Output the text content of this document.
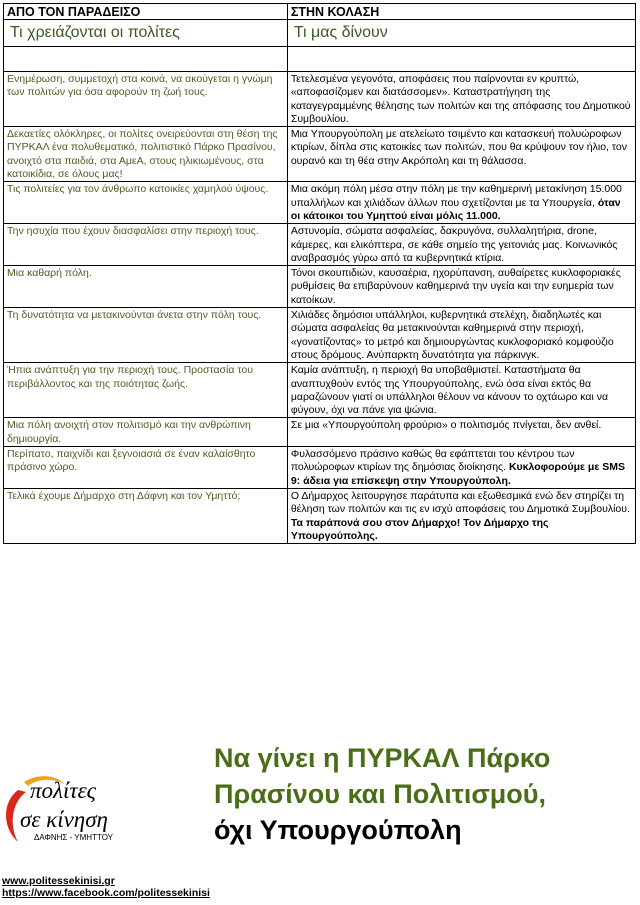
ΑΠΟ ΤΟΝ ΠΑΡΑΔΕΙΣΟ	ΣΤΗΝ ΚΟΛΑΣΗ
Τι χρειάζονται οι πολίτες	Τι μας δίνουν

Ενημέρωση, συμμετοχή στα κοινά, να ακούγεται η γνώμη των πολιτών για όσα αφορούν τη ζωή τους.	Τετελεσμένα γεγονότα, αποφάσεις που παίρνονται εν κρυπτώ, «αποφασίζομεν και διατάσσομεν». Καταστρατήγηση της καταγεγραμμένης θέλησης των πολιτών και της απόφασης του Δημοτικού Συμβουλίου.
Δεκαετίες ολόκληρες, οι πολίτες ονειρεύονται στη θέση της ΠΥΡΚΑΛ ένα πολυθεματικό, πολιτιστικό Πάρκο Πρασίνου, ανοιχτό στα παιδιά, στα ΑμεΑ, στους ηλικιωμένους, στα κατοικίδια, σε όλους μας!	Μια Υπουργούπολη με ατελείωτο τσιμέντο και κατασκευή πολυώροφων κτιρίων, δίπλα στις κατοικίες των πολιτών, που θα κρύψουν τον ήλιο, τον ουρανό και τη θέα στην Ακρόπολη και τη θάλασσα.
Τις πολιτείες για τον άνθρωπο κατοικίες χαμηλού ύψους.	Μια ακόμη πόλη μέσα στην πόλη με την καθημερινή μετακίνηση 15.000 υπαλλήλων και χιλιάδων άλλων που σχετίζονται με τα Υπουργεία, όταν οι κάτοικοι του Υμηττού είναι μόλις 11.000.
Την ησυχία που έχουν διασφαλίσει στην περιοχή τους.	Αστυνομία, σώματα ασφαλείας, δακρυγόνα, συλλαλητήρια, drone, κάμερες, και ελικόπτερα, σε κάθε σημείο της γειτονιάς μας. Κοινωνικός αναβρασμός γύρω από τα κυβερνητικά κτίρια.
Μια καθαρή πόλη.	Τόνοι σκουπιδιών, καυσαέρια, ηχορύπανση, αυθαίρετες κυκλοφοριακές ρυθμίσεις θα επιβαρύνουν καθημερινά την υγεία και την ευημερία των κατοίκων.
Τη δυνατότητα να μετακινούνται άνετα στην πόλη τους.	Χιλιάδες δημόσιοι υπάλληλοι, κυβερνητικά στελέχη, διαδηλωτές και σώματα ασφαλείας θα μετακινούνται καθημερινά στην περιοχή, «γονατίζοντας» το μετρό και δημιουργώντας κυκλοφοριακό κομφούζιο στους δρόμους. Ανύπαρκτη δυνατότητα για πάρκινγκ.
Ήπια ανάπτυξη για την περιοχή τους. Προστασία του περιβάλλοντος και της ποιότητας ζωής.	Καμία ανάπτυξη, η περιοχή θα υποβαθμιστεί. Καταστήματα θα αναπτυχθούν εντός της Υπουργούπολης, ενώ όσα είναι εκτός θα μαραζώνουν γιατί οι υπάλληλοι θέλουν να κάνουν το οχτάωρο και να φύγουν, όχι να πάνε για ψώνια.
Μια πόλη ανοιχτή στον πολιτισμό και την ανθρώπινη δημιουργία.	Σε μια «Υπουργούπολη φρούριο» ο πολιτισμός πνίγεται, δεν ανθεί.
Περίπατο, παιχνίδι και ξεγνοιασιά σε έναν καλαίσθητο πράσινο χώρο.	Φυλασσόμενο πράσινο καθώς θα εφάπτεται του κέντρου των πολυώροφων κτιρίων της δημόσιας διοίκησης. Κυκλοφορούμε με SMS 9: άδεια για επίσκεψη στην Υπουργούπολη.
Τελικά έχουμε Δήμαρχο στη Δάφνη και τον Υμηττό;	Ο Δήμαρχος λειτουργησε παράτυπα και εξωθεσμικά ενώ δεν στηρίζει τη θέληση των πολιτών και τις εν ισχύ αποφάσεις του Δημοτικά Συμβουλίου. Τα παράπονά σου στον Δήμαρχο! Τον Δήμαρχο της Υπουργούπολης.
πολίτες
σε κίνηση
ΔΑΦΝΗΣ - ΥΜΗΤΤΟΥ
Να γίνει η ΠΥΡΚΑΛ Πάρκο
Πρασίνου και Πολιτισμού,
όχι Υπουργούπολη
www.politessekinisi.gr
https://www.facebook.com/politessekinisi
